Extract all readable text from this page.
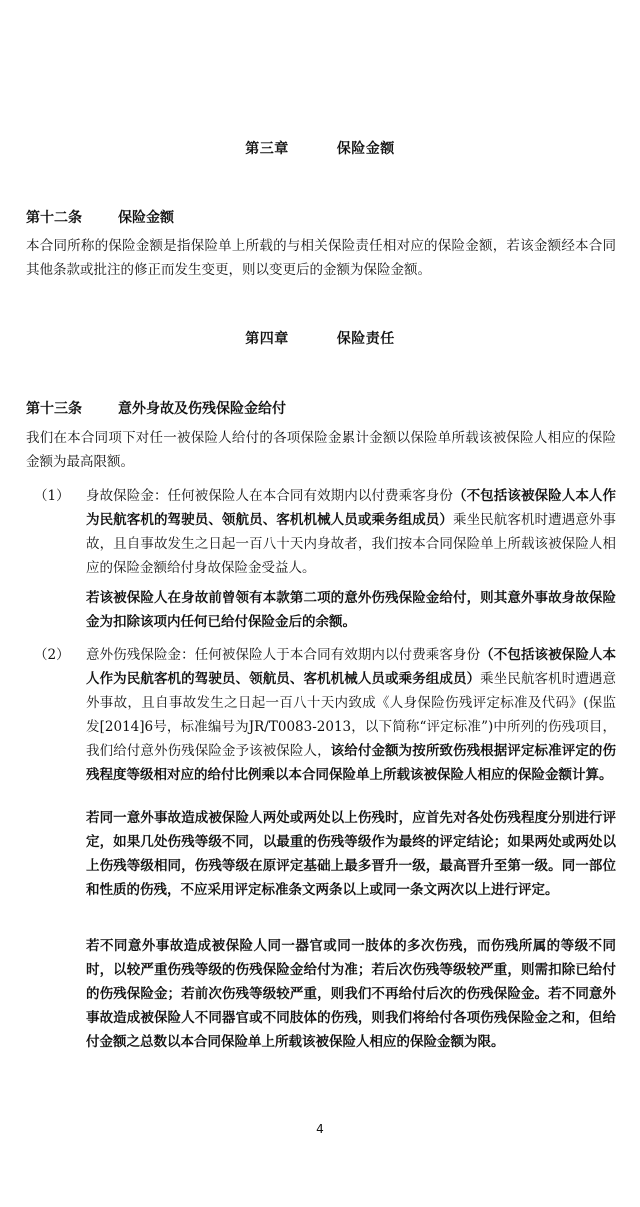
第三章	保险金额
第十二条	保险金额

本合同所称的保险金额是指保险单上所载的与相关保险责任相对应的保险金额，若该金额经本合同其他条款或批注的修正而发生变更，则以变更后的金额为保险金额。

第四章	保险责任
第十三条	意外身故及伤残保险金给付

我们在本合同项下对任一被保险人给付的各项保险金累计金额以保险单所载该被保险人相应的保险金额为最高限额。

（1） 身故保险金：任何被保险人在本合同有效期内以付费乘客身份（不包括该被保险人本人作为民航客机的驾驶员、领航员、客机机械人员或乘务组成员）乘坐民航客机时遭遇意外事故，且自事故发生之日起一百八十天内身故者，我们按本合同保险单上所载该被保险人相应的保险金额给付身故保险金受益人。

若该被保险人在身故前曾领有本款第二项的意外伤残保险金给付，则其意外事故身故保险金为扣除该项内任何已给付保险金后的余额。

（2） 意外伤残保险金：任何被保险人于本合同有效期内以付费乘客身份（不包括该被保险人本人作为民航客机的驾驶员、领航员、客机机械人员或乘务组成员）乘坐民航客机时遭遇意外事故，且自事故发生之日起一百八十天内致成《人身保险伤残评定标准及代码》(保监发[2014]6号，标准编号为JR/T0083-2013，以下简称“评定标准”)中所列的伤残项目，我们给付意外伤残保险金予该被保险人，该给付金额为按所致伤残根据评定标准评定的伤残程度等级相对应的给付比例乘以本合同保险单上所载该被保险人相应的保险金额计算。

若同一意外事故造成被保险人两处或两处以上伤残时，应首先对各处伤残程度分别进行评定，如果几处伤残等级不同，以最重的伤残等级作为最终的评定结论；如果两处或两处以上伤残等级相同，伤残等级在原评定基础上最多晋升一级，最高晋升至第一级。同一部位和性质的伤残，不应采用评定标准条文两条以上或同一条文两次以上进行评定。

若不同意外事故造成被保险人同一器官或同一肢体的多次伤残，而伤残所属的等级不同时，以较严重伤残等级的伤残保险金给付为准；若后次伤残等级较严重，则需扣除已给付的伤残保险金；若前次伤残等级较严重，则我们不再给付后次的伤残保险金。若不同意外事故造成被保险人不同器官或不同肢体的伤残，则我们将给付各项伤残保险金之和，但给付金额之总数以本合同保险单上所载该被保险人相应的保险金额为限。

4
